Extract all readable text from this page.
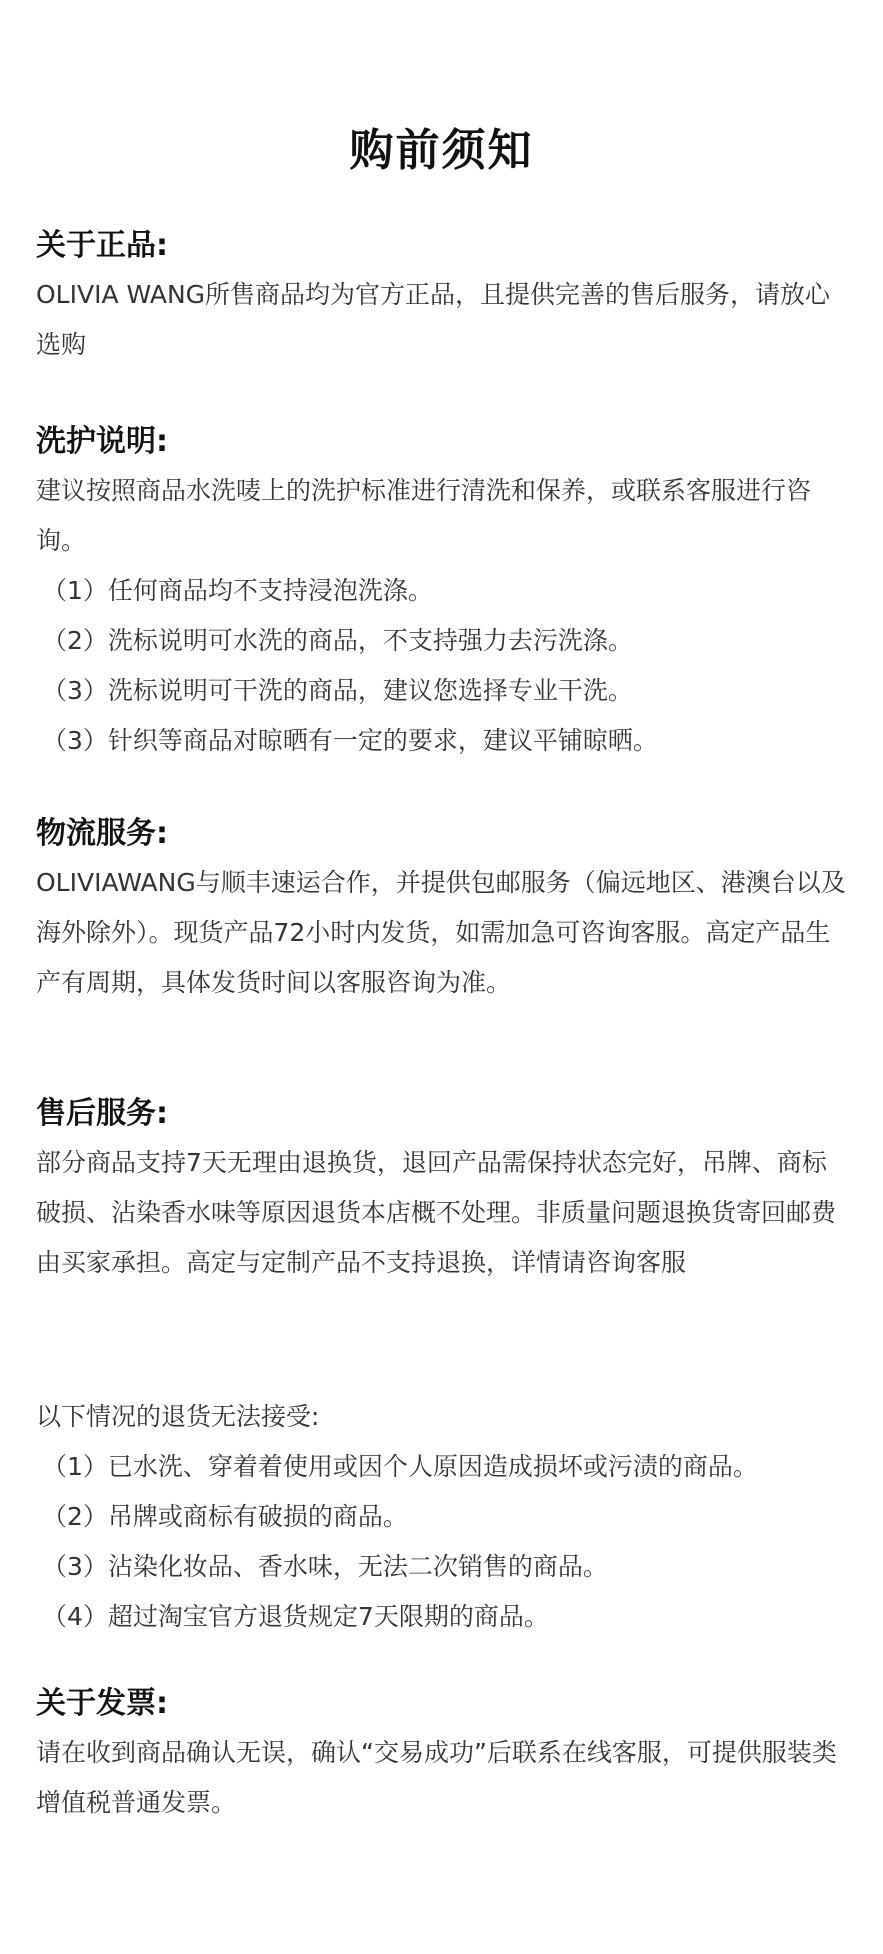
购前须知
关于正品:

OLIVIA WANG所售商品均为官方正品，且提供完善的售后服务，请放心选购

洗护说明:

建议按照商品水洗唛上的洗护标准进行清洗和保养，或联系客服进行咨询。

（1）任何商品均不支持浸泡洗涤。

（2）洗标说明可水洗的商品，不支持强力去污洗涤。

（3）洗标说明可干洗的商品，建议您选择专业干洗。

（3）针织等商品对晾晒有一定的要求，建议平铺晾晒。

物流服务:

OLIVIAWANG与顺丰速运合作，并提供包邮服务（偏远地区、港澳台以及海外除外）。现货产品72小时内发货，如需加急可咨询客服。高定产品生产有周期，具体发货时间以客服咨询为准。

售后服务:

部分商品支持7天无理由退换货，退回产品需保持状态完好，吊牌、商标破损、沾染香水味等原因退货本店概不处理。非质量问题退换货寄回邮费由买家承担。高定与定制产品不支持退换，详情请咨询客服

以下情况的退货无法接受:

（1）已水洗、穿着着使用或因个人原因造成损坏或污渍的商品。

（2）吊牌或商标有破损的商品。

（3）沾染化妆品、香水味，无法二次销售的商品。

（4）超过淘宝官方退货规定7天限期的商品。

关于发票:

请在收到商品确认无误，确认“交易成功”后联系在线客服，可提供服装类增值税普通发票。
